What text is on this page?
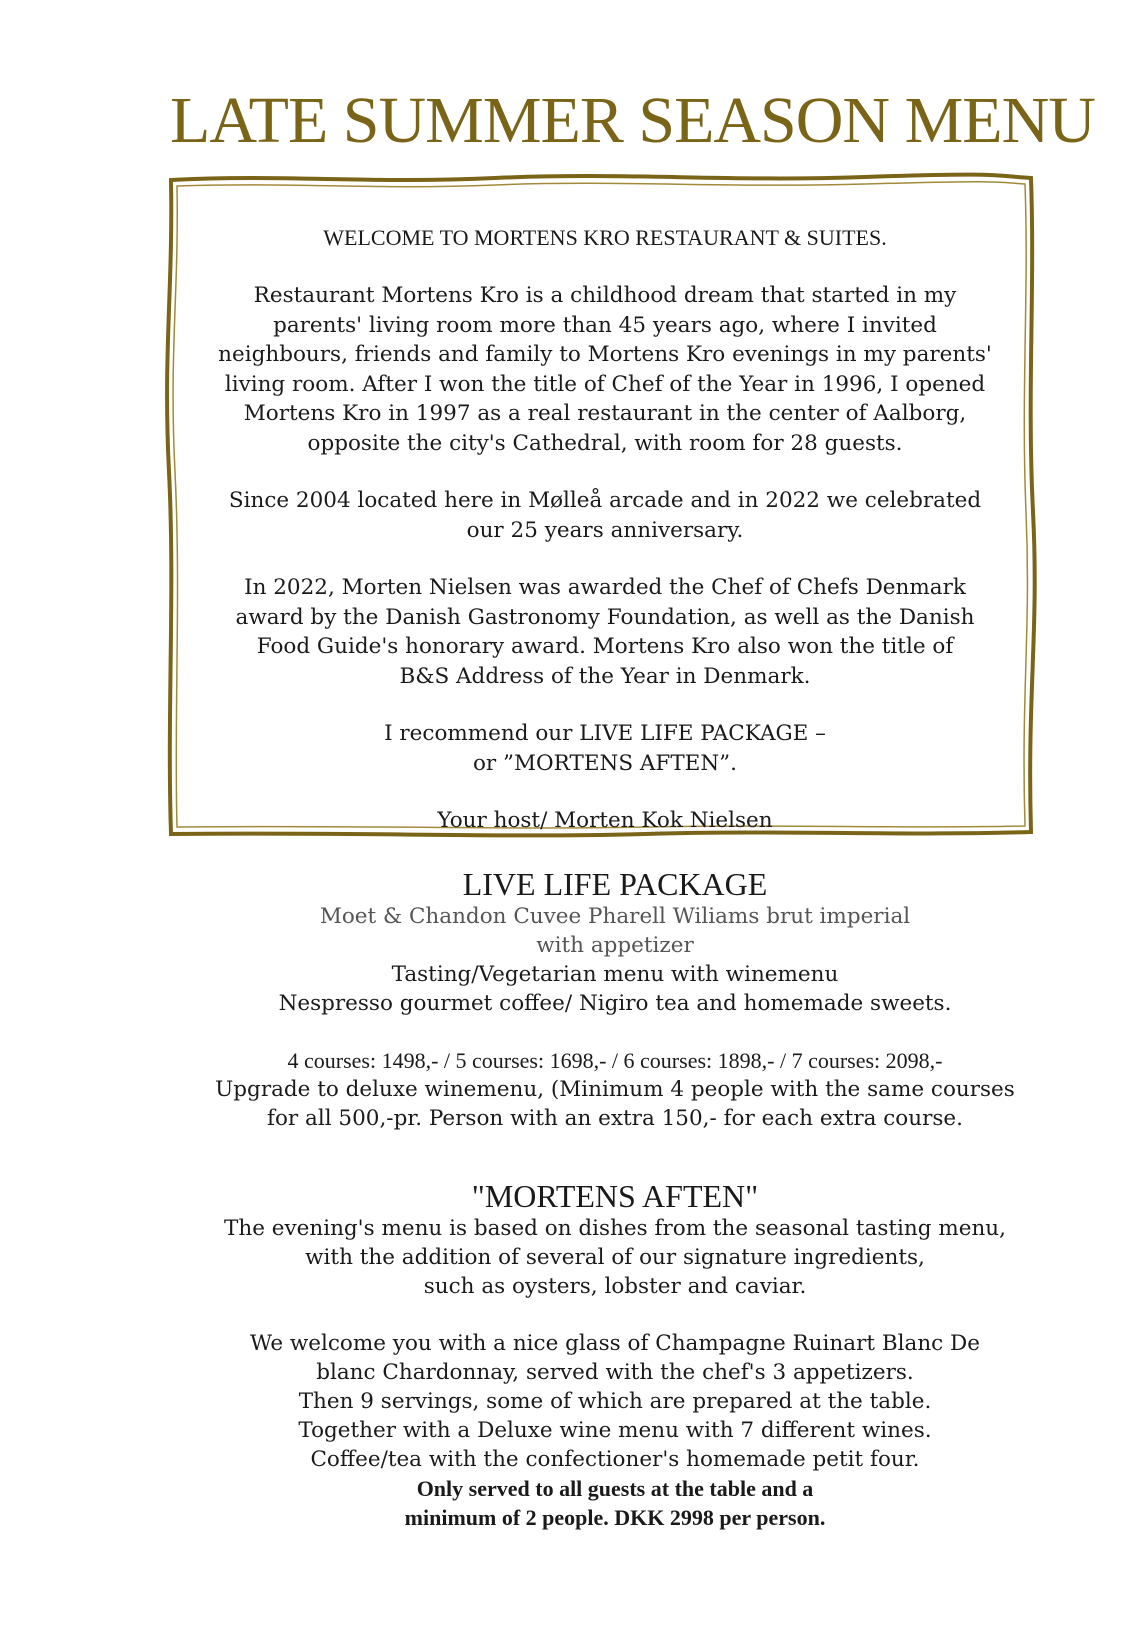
LATE SUMMER SEASON MENU
WELCOME TO MORTENS KRO RESTAURANT & SUITES.

Restaurant Mortens Kro is a childhood dream that started in my
parents' living room more than 45 years ago, where I invited
neighbours, friends and family to Mortens Kro evenings in my parents'
living room. After I won the title of Chef of the Year in 1996, I opened
Mortens Kro in 1997 as a real restaurant in the center of Aalborg,
opposite the city's Cathedral, with room for 28 guests.

Since 2004 located here in Mølleå arcade and in 2022 we celebrated
our 25 years anniversary.

In 2022, Morten Nielsen was awarded the Chef of Chefs Denmark
award by the Danish Gastronomy Foundation, as well as the Danish
Food Guide's honorary award. Mortens Kro also won the title of
B&S Address of the Year in Denmark.

I recommend our LIVE LIFE PACKAGE –
or ”MORTENS AFTEN”.

Your host/ Morten Kok Nielsen

LIVE LIFE PACKAGE

Moet & Chandon Cuvee Pharell Wiliams brut imperial
with appetizer
Tasting/Vegetarian menu with winemenu
Nespresso gourmet coffee/ Nigiro tea and homemade sweets.

4 courses: 1498,- / 5 courses: 1698,- / 6 courses: 1898,- / 7 courses: 2098,-

Upgrade to deluxe winemenu, (Minimum 4 people with the same courses
for all 500,-pr. Person with an extra 150,- for each extra course.

"MORTENS AFTEN"

The evening's menu is based on dishes from the seasonal tasting menu,
with the addition of several of our signature ingredients,
such as oysters, lobster and caviar.

We welcome you with a nice glass of Champagne Ruinart Blanc De
blanc Chardonnay, served with the chef's 3 appetizers.
Then 9 servings, some of which are prepared at the table.
Together with a Deluxe wine menu with 7 different wines.
Coffee/tea with the confectioner's homemade petit four.

Only served to all guests at the table and a
minimum of 2 people. DKK 2998 per person.
